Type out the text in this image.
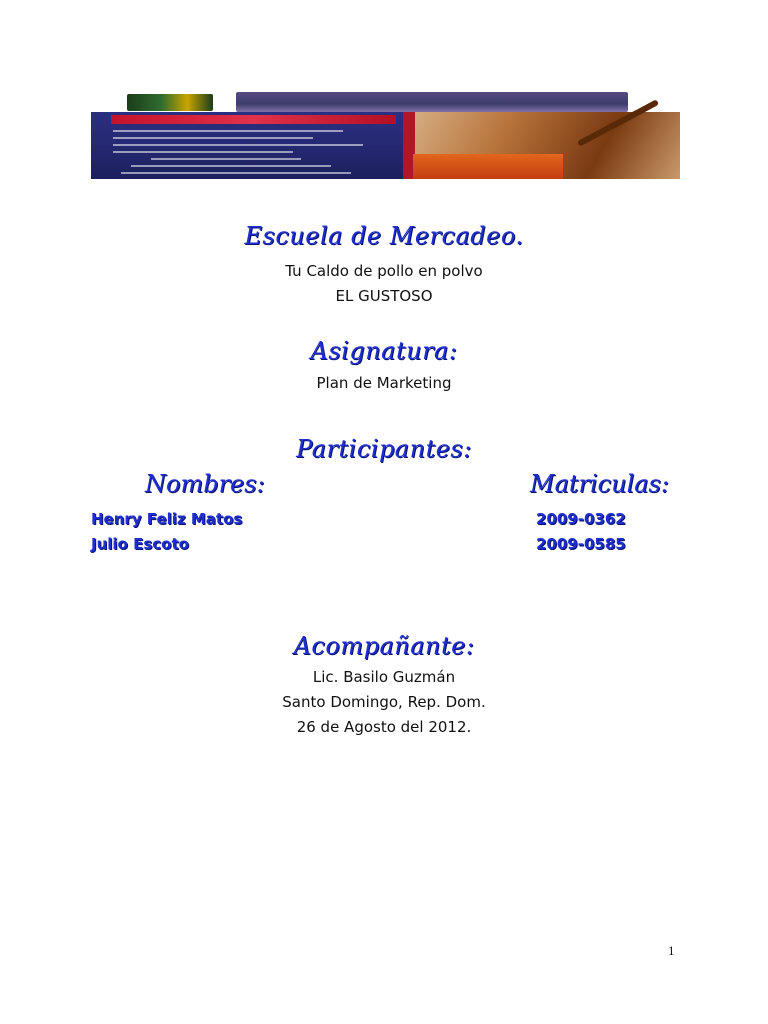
Escuela de Mercadeo.
Tu Caldo de pollo en polvo
EL GUSTOSO
Asignatura:
Plan de Marketing
Participantes:
Nombres:	Matriculas:
Henry Feliz Matos	2009-0362
Julio Escoto	2009-0585
Acompañante:
Lic. Basilo Guzmán
Santo Domingo, Rep. Dom.
26 de Agosto del 2012.
1
